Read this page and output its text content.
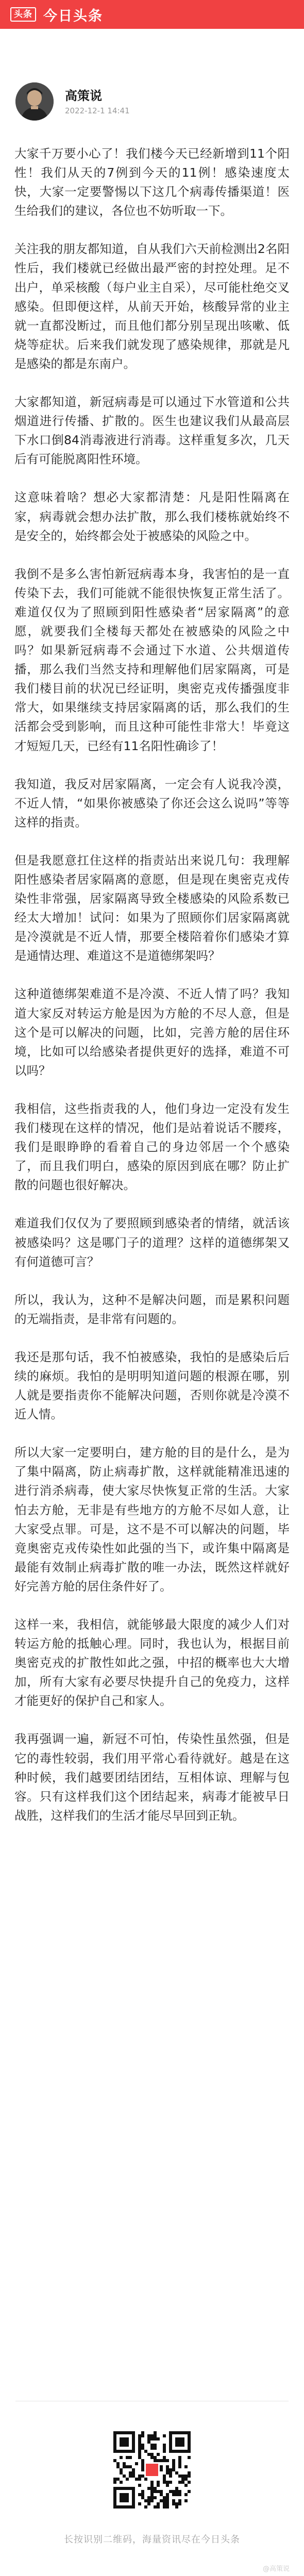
头条 今日头条
高策说
2022-12-1 14:41

大家千万要小心了！我们楼今天已经新增到11个阳性！我们从天的7例到今天的11例！感染速度太快，大家一定要警惕以下这几个病毒传播渠道！医生给我们的建议，各位也不妨听取一下。

关注我的朋友都知道，自从我们六天前检测出2名阳性后，我们楼就已经做出最严密的封控处理。足不出户，单采核酸（每户业主自采），尽可能杜绝交叉感染。但即便这样，从前天开始，核酸异常的业主就一直都没断过，而且他们都分别呈现出咳嗽、低烧等症状。后来我们就发现了感染规律，那就是凡是感染的都是东南户。

大家都知道，新冠病毒是可以通过下水管道和公共烟道进行传播、扩散的。医生也建议我们从最高层下水口倒84消毒液进行消毒。这样重复多次，几天后有可能脱离阳性环境。

这意味着啥？想必大家都清楚：凡是阳性隔离在家，病毒就会想办法扩散，那么我们楼栋就始终不是安全的，始终都会处于被感染的风险之中。

我倒不是多么害怕新冠病毒本身，我害怕的是一直传染下去，我们可能就不能很快恢复正常生活了。难道仅仅为了照顾到阳性感染者“居家隔离”的意愿，就要我们全楼每天都处在被感染的风险之中吗？如果新冠病毒不会通过下水道、公共烟道传播，那么我们当然支持和理解他们居家隔离，可是我们楼目前的状况已经证明，奥密克戎传播强度非常大，如果继续支持居家隔离的话，那么我们的生活都会受到影响，而且这种可能性非常大！毕竟这才短短几天，已经有11名阳性确诊了！

我知道，我反对居家隔离，一定会有人说我冷漠，不近人情，“如果你被感染了你还会这么说吗”等等这样的指责。

但是我愿意扛住这样的指责站出来说几句：我理解阳性感染者居家隔离的意愿，但是现在奥密克戎传染性非常强，居家隔离导致全楼感染的风险系数已经太大增加！试问：如果为了照顾你们居家隔离就是冷漠就是不近人情，那要全楼陪着你们感染才算是通情达理、难道这不是道德绑架吗？

这种道德绑架难道不是冷漠、不近人情了吗？我知道大家反对转运方舱是因为方舱的不尽人意，但是这个是可以解决的问题，比如，完善方舱的居住环境，比如可以给感染者提供更好的选择，难道不可以吗？

我相信，这些指责我的人，他们身边一定没有发生我们楼现在这样的情况，他们是站着说话不腰疼，我们是眼睁睁的看着自己的身边邻居一个个感染了，而且我们明白，感染的原因到底在哪？防止扩散的问题也很好解决。

难道我们仅仅为了要照顾到感染者的情绪，就活该被感染吗？这是哪门子的道理？这样的道德绑架又有何道德可言？

所以，我认为，这种不是解决问题，而是累积问题的无端指责，是非常有问题的。

我还是那句话，我不怕被感染，我怕的是感染后后续的麻烦。我怕的是明明知道问题的根源在哪，别人就是要指责你不能解决问题，否则你就是冷漠不近人情。

所以大家一定要明白，建方舱的目的是什么，是为了集中隔离，防止病毒扩散，这样就能精准迅速的进行消杀病毒，使大家尽快恢复正常的生活。大家怕去方舱，无非是有些地方的方舱不尽如人意，让大家受点罪。可是，这不是不可以解决的问题，毕竟奥密克戎传染性如此强的当下，或许集中隔离是最能有效制止病毒扩散的唯一办法，既然这样就好好完善方舱的居住条件好了。

这样一来，我相信，就能够最大限度的减少人们对转运方舱的抵触心理。同时，我也认为，根据目前奥密克戎的扩散性如此之强，中招的概率也大大增加，所有大家有必要尽快提升自己的免疫力，这样才能更好的保护自己和家人。

我再强调一遍，新冠不可怕，传染性虽然强，但是它的毒性较弱，我们用平常心看待就好。越是在这种时候，我们越要团结团结，互相体谅、理解与包容。只有这样我们这个团结起来，病毒才能被早日战胜，这样我们的生活才能尽早回到正轨。

长按识别二维码，海量资讯尽在今日头条
@高策说
